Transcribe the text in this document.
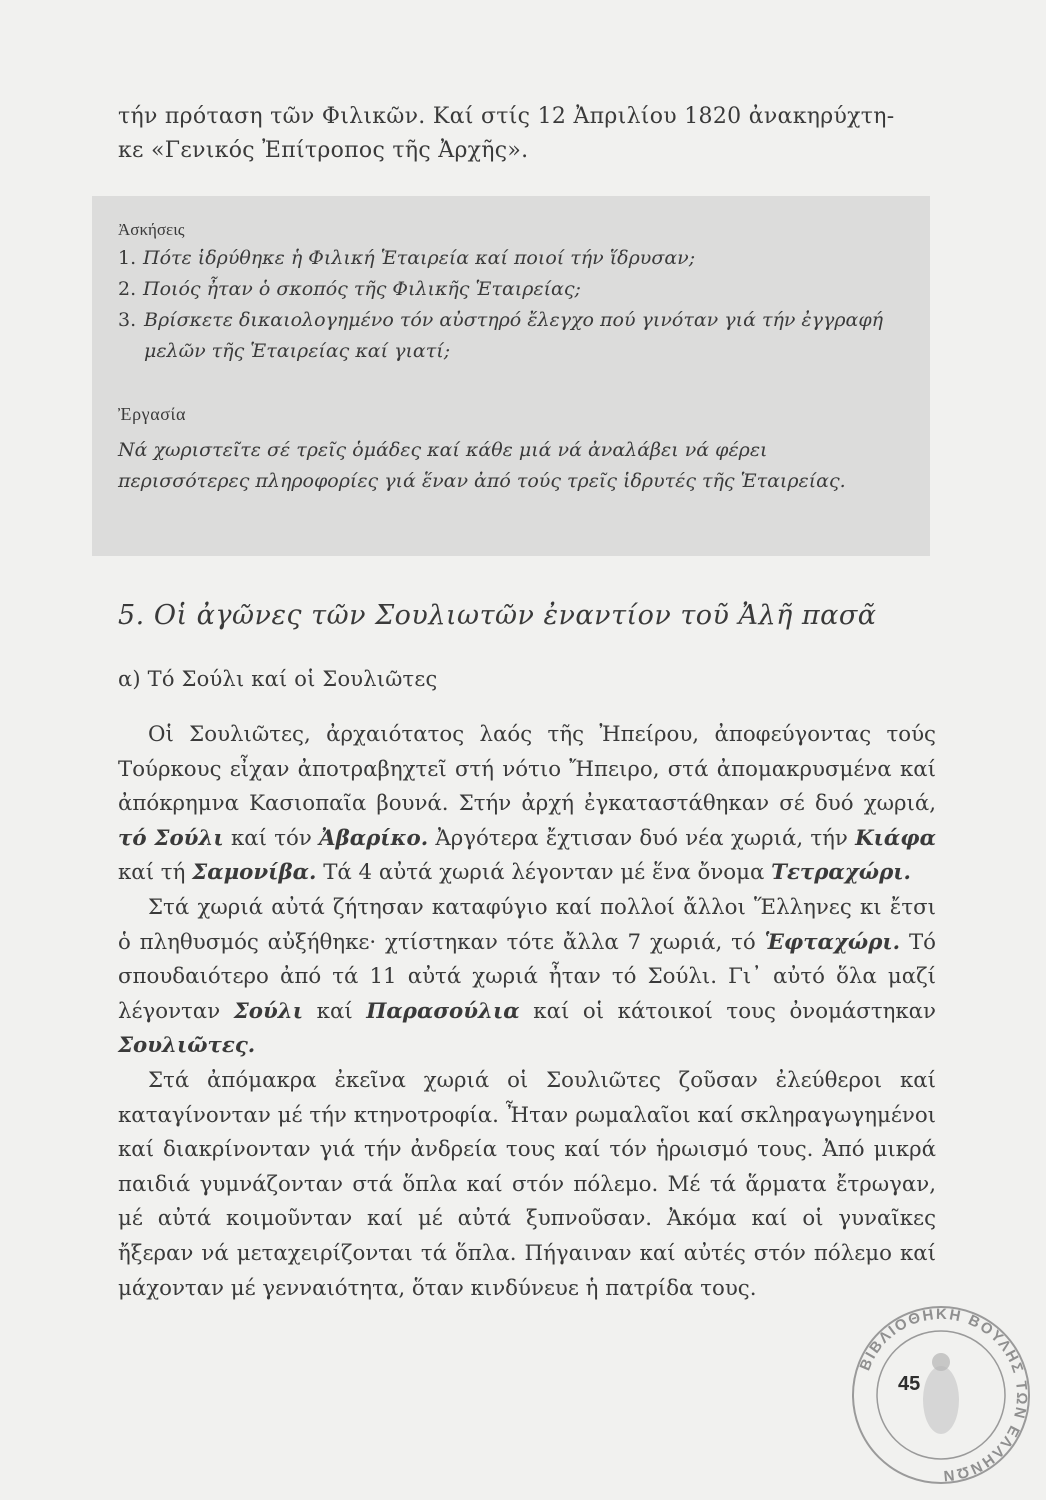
τήν πρόταση τῶν Φιλικῶν. Καί στίς 12 Ἀπριλίου 1820 ἀνακηρύχτη-

κε «Γενικός Ἐπίτροπος τῆς Ἀρχῆς».

Ἀσκήσεις
1. Πότε ἱδρύθηκε ἡ Φιλική Ἑταιρεία καί ποιοί τήν ἵδρυσαν;
2. Ποιός ἦταν ὁ σκοπός τῆς Φιλικῆς Ἑταιρείας;
3. Βρίσκετε δικαιολογημένο τόν αὐστηρό ἔλεγχο πού γινόταν γιά τήν ἐγγραφή μελῶν τῆς Ἑταιρείας καί γιατί;
Ἐργασία

Νά χωριστεῖτε σέ τρεῖς ὁμάδες καί κάθε μιά νά ἀναλάβει νά φέρει περισσότερες πληροφορίες γιά ἕναν ἀπό τούς τρεῖς ἱδρυτές τῆς Ἑταιρείας.

5. Οἱ ἀγῶνες τῶν Σουλιωτῶν ἐναντίον τοῦ Ἀλῆ πασᾶ
α) Τό Σούλι καί οἱ Σουλιῶτες

Οἱ Σουλιῶτες, ἀρχαιότατος λαός τῆς Ἠπείρου, ἀποφεύγοντας τούς Τούρκους εἶχαν ἀποτραβηχτεῖ στή νότιο Ἤπειρο, στά ἀπομακρυσμένα καί ἀπόκρημνα Κασιοπαῖα βουνά. Στήν ἀρχή ἐγκαταστάθηκαν σέ δυό χωριά, τό Σούλι καί τόν Ἀβαρίκο. Ἀργότερα ἔχτισαν δυό νέα χωριά, τήν Κιάφα καί τή Σαμονίβα. Τά 4 αὐτά χωριά λέγονταν μέ ἕνα ὄνομα Τετραχώρι.

Στά χωριά αὐτά ζήτησαν καταφύγιο καί πολλοί ἄλλοι Ἕλληνες κι ἔτσι ὁ πληθυσμός αὐξήθηκε· χτίστηκαν τότε ἄλλα 7 χωριά, τό Ἑφταχώρι. Τό σπουδαιότερο ἀπό τά 11 αὐτά χωριά ἦταν τό Σούλι. Γι᾽ αὐτό ὅλα μαζί λέγονταν Σούλι καί Παρασούλια καί οἱ κάτοικοί τους ὀνομάστηκαν Σουλιῶτες.

Στά ἀπόμακρα ἐκεῖνα χωριά οἱ Σουλιῶτες ζοῦσαν ἐλεύθεροι καί καταγίνονταν μέ τήν κτηνοτροφία. Ἦταν ρωμαλαῖοι καί σκληραγωγημένοι καί διακρίνονταν γιά τήν ἀνδρεία τους καί τόν ἡρωισμό τους. Ἀπό μικρά παιδιά γυμνάζονταν στά ὅπλα καί στόν πόλεμο. Μέ τά ἅρματα ἔτρωγαν, μέ αὐτά κοιμοῦνταν καί μέ αὐτά ξυπνοῦσαν. Ἀκόμα καί οἱ γυναῖκες ἤξεραν νά μεταχειρίζονται τά ὅπλα. Πήγαιναν καί αὐτές στόν πόλεμο καί μάχονταν μέ γενναιότητα, ὅταν κινδύνευε ἡ πατρίδα τους.

ΒΙΒΛΙΟΘΗΚΗ ΒΟΥΛΗΣ ΤΩΝ ΕΛΛΗΝΩΝ
45
